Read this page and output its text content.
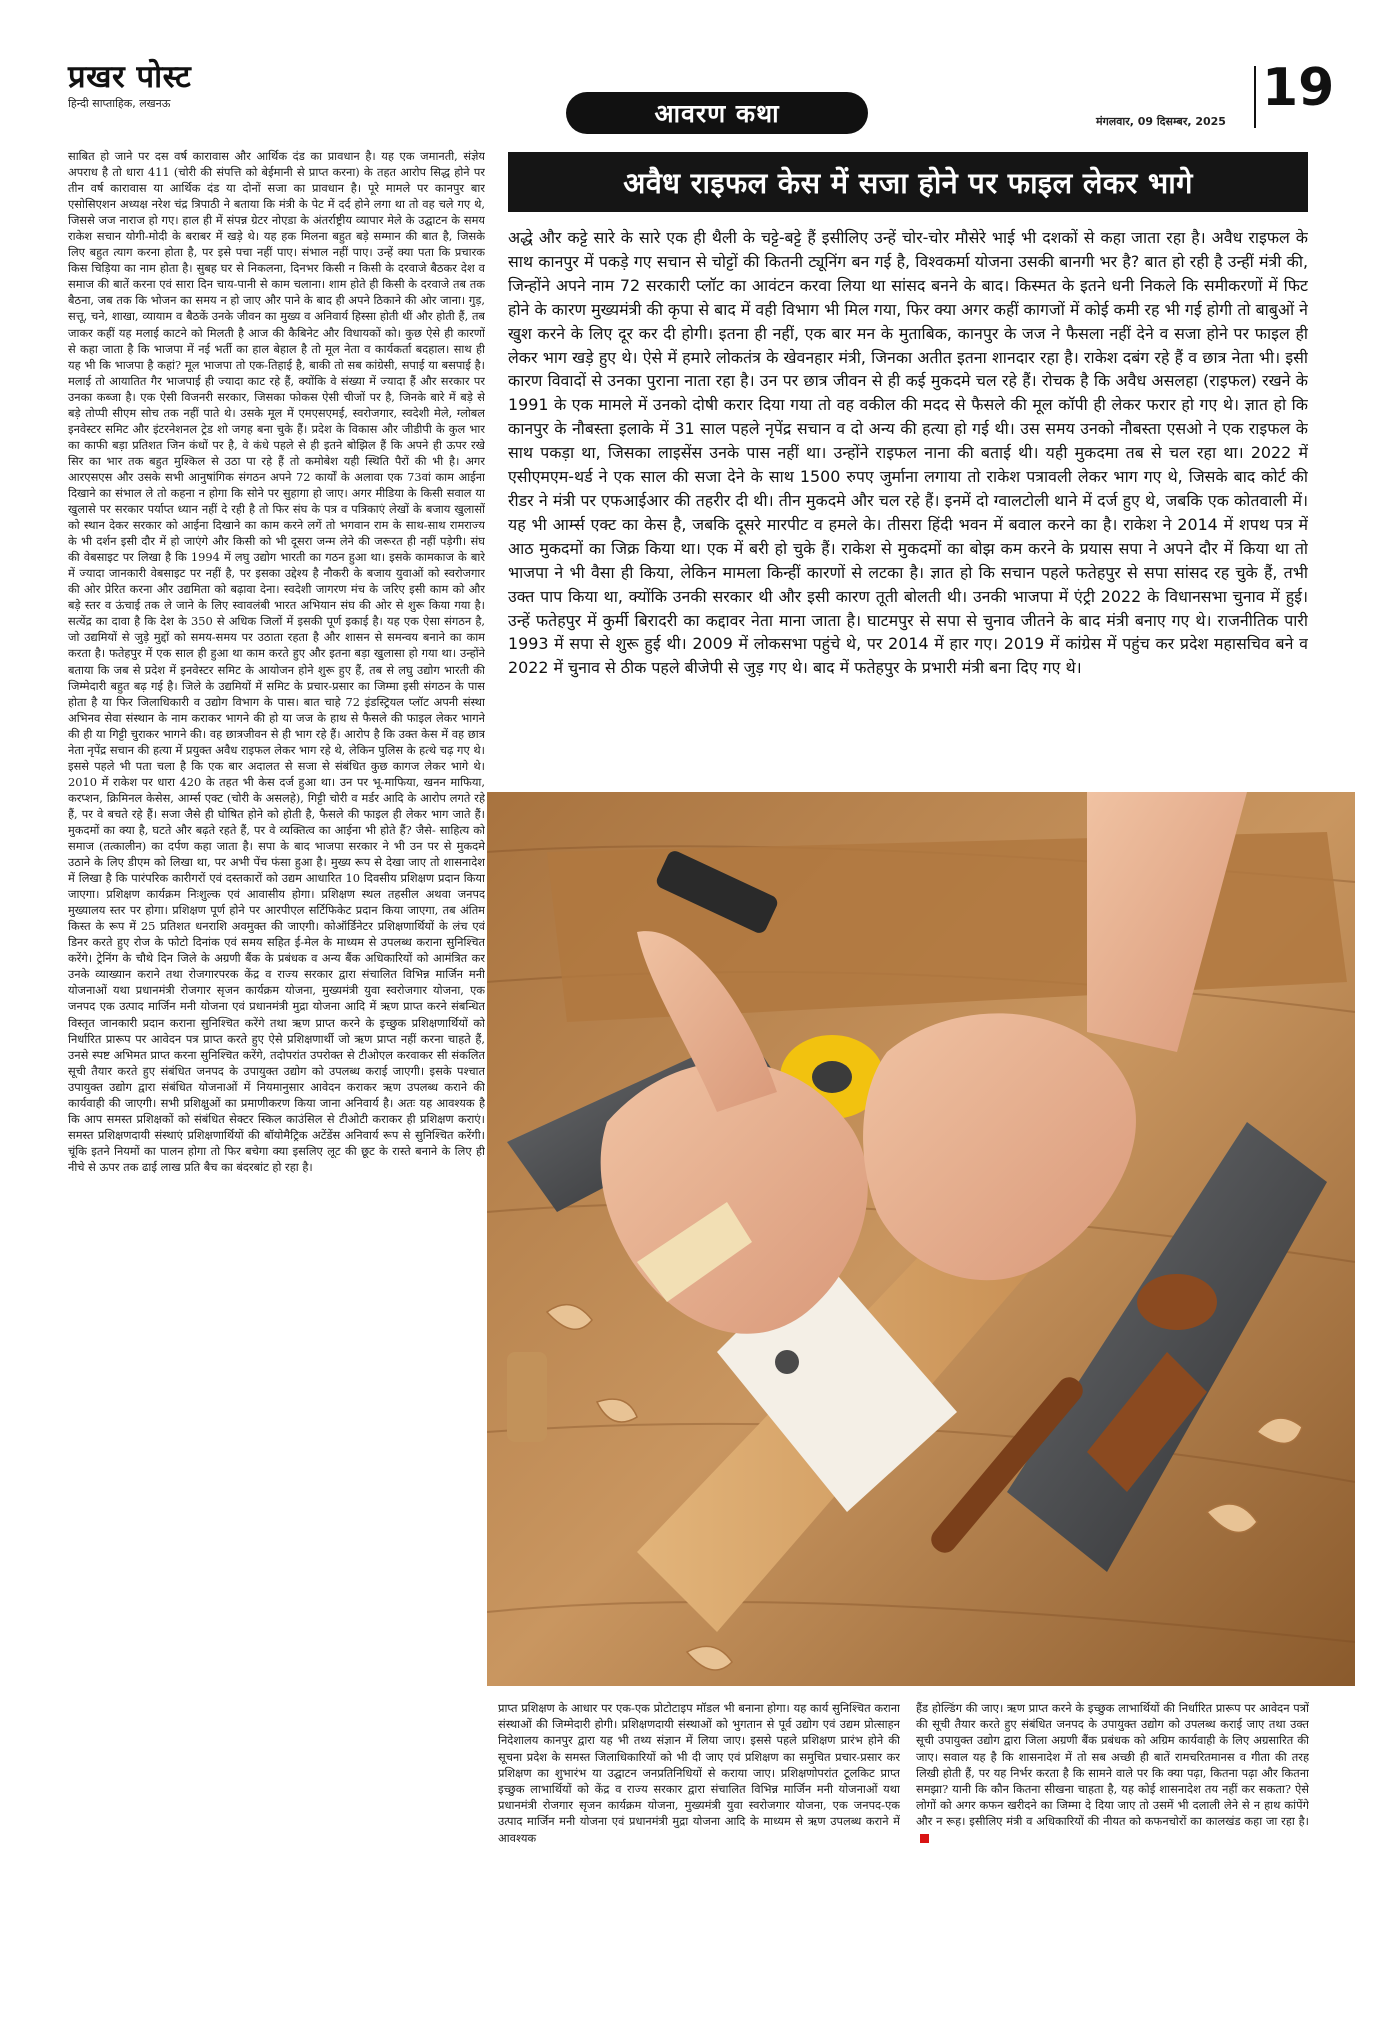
प्रखर पोस्ट
हिन्दी साप्ताहिक, लखनऊ	आवरण कथा	मंगलवार, 09 दिसम्बर, 2025
19

साबित हो जाने पर दस वर्ष कारावास और आर्थिक दंड का प्रावधान है। यह एक जमानती, संज्ञेय अपराध है तो धारा 411 (चोरी की संपत्ति को बेईमानी से प्राप्त करना) के तहत आरोप सिद्ध होने पर तीन वर्ष कारावास या आर्थिक दंड या दोनों सजा का प्रावधान है। पूरे मामले पर कानपुर बार एसोसिएशन अध्यक्ष नरेश चंद्र त्रिपाठी ने बताया कि मंत्री के पेट में दर्द होने लगा था तो वह चले गए थे, जिससे जज नाराज हो गए। हाल ही में संपन्न ग्रेटर नोएडा के अंतर्राष्ट्रीय व्यापार मेले के उद्घाटन के समय राकेश सचान योगी-मोदी के बराबर में खड़े थे। यह हक मिलना बहुत बड़े सम्मान की बात है, जिसके लिए बहुत त्याग करना होता है, पर इसे पचा नहीं पाए। संभाल नहीं पाए। उन्हें क्या पता कि प्रचारक किस चिड़िया का नाम होता है। सुबह घर से निकलना, दिनभर किसी न किसी के दरवाजे बैठकर देश व समाज की बातें करना एवं सारा दिन चाय-पानी से काम चलाना। शाम होते ही किसी के दरवाजे तब तक बैठना, जब तक कि भोजन का समय न हो जाए और पाने के बाद ही अपने ठिकाने की ओर जाना। गुड़, सत्तू, चने, शाखा, व्यायाम व बैठकें उनके जीवन का मुख्य व अनिवार्य हिस्सा होती थीं और होती हैं, तब जाकर कहीं यह मलाई काटने को मिलती है आज की कैबिनेट और विधायकों को। कुछ ऐसे ही कारणों से कहा जाता है कि भाजपा में नई भर्ती का हाल बेहाल है तो मूल नेता व कार्यकर्ता बदहाल। साथ ही यह भी कि भाजपा है कहां? मूल भाजपा तो एक-तिहाई है, बाकी तो सब कांग्रेसी, सपाई या बसपाई है। मलाई तो आयातित गैर भाजपाई ही ज्यादा काट रहे हैं, क्योंकि वे संख्या में ज्यादा हैं और सरकार पर उनका कब्जा है। एक ऐसी विजनरी सरकार, जिसका फोकस ऐसी चीजों पर है, जिनके बारे में बड़े से बड़े तोप्पी सीएम सोच तक नहीं पाते थे। उसके मूल में एमएसएमई, स्वरोजगार, स्वदेशी मेले, ग्लोबल इनवेस्टर समिट और इंटरनेशनल ट्रेड शो जगह बना चुके हैं। प्रदेश के विकास और जीडीपी के कुल भार का काफी बड़ा प्रतिशत जिन कंधों पर है, वे कंधे पहले से ही इतने बोझिल हैं कि अपने ही ऊपर रखे सिर का भार तक बहुत मुश्किल से उठा पा रहे हैं तो कमोबेश यही स्थिति पैरों की भी है। अगर आरएसएस और उसके सभी आनुषांगिक संगठन अपने 72 कार्यों के अलावा एक 73वां काम आईना दिखाने का संभाल ले तो कहना न होगा कि सोने पर सुहागा हो जाए। अगर मीडिया के किसी सवाल या खुलासे पर सरकार पर्याप्त ध्यान नहीं दे रही है तो फिर संघ के पत्र व पत्रिकाएं लेखों के बजाय खुलासों को स्थान देकर सरकार को आईना दिखाने का काम करने लगें तो भगवान राम के साथ-साथ रामराज्य के भी दर्शन इसी दौर में हो जाएंगे और किसी को भी दूसरा जन्म लेने की जरूरत ही नहीं पड़ेगी। संघ की वेबसाइट पर लिखा है कि 1994 में लघु उद्योग भारती का गठन हुआ था। इसके कामकाज के बारे में ज्यादा जानकारी वेबसाइट पर नहीं है, पर इसका उद्देश्य है नौकरी के बजाय युवाओं को स्वरोजगार की ओर प्रेरित करना और उद्यमिता को बढ़ावा देना। स्वदेशी जागरण मंच के जरिए इसी काम को और बड़े स्तर व ऊंचाई तक ले जाने के लिए स्वावलंबी भारत अभियान संघ की ओर से शुरू किया गया है। सत्येंद्र का दावा है कि देश के 350 से अधिक जिलों में इसकी पूर्ण इकाई है। यह एक ऐसा संगठन है, जो उद्यमियों से जुड़े मुद्दों को समय-समय पर उठाता रहता है और शासन से समन्वय बनाने का काम करता है। फतेहपुर में एक साल ही हुआ था काम करते हुए और इतना बड़ा खुलासा हो गया था। उन्होंने बताया कि जब से प्रदेश में इनवेस्टर समिट के आयोजन होने शुरू हुए हैं, तब से लघु उद्योग भारती की जिम्मेदारी बहुत बढ़ गई है। जिले के उद्यमियों में समिट के प्रचार-प्रसार का जिम्मा इसी संगठन के पास होता है या फिर जिलाधिकारी व उद्योग विभाग के पास। बात चाहे 72 इंडस्ट्रियल प्लॉट अपनी संस्था अभिनव सेवा संस्थान के नाम कराकर भागने की हो या जज के हाथ से फैसले की फाइल लेकर भागने की ही या गिट्टी चुराकर भागने की। वह छात्रजीवन से ही भाग रहे हैं। आरोप है कि उक्त केस में वह छात्र नेता नृपेंद्र सचान की हत्या में प्रयुक्त अवैध राइफल लेकर भाग रहे थे, लेकिन पुलिस के हत्थे चढ़ गए थे। इससे पहले भी पता चला है कि एक बार अदालत से सजा से संबंधित कुछ कागज लेकर भागे थे। 2010 में राकेश पर धारा 420 के तहत भी केस दर्ज हुआ था। उन पर भू-माफिया, खनन माफिया, करप्शन, क्रिमिनल केसेस, आर्म्स एक्ट (चोरी के असलहे), गिट्टी चोरी व मर्डर आदि के आरोप लगते रहे हैं, पर वे बचते रहे हैं। सजा जैसे ही घोषित होने को होती है, फैसले की फाइल ही लेकर भाग जाते हैं। मुकदमों का क्या है, घटते और बढ़ते रहते हैं, पर वे व्यक्तित्व का आईना भी होते हैं? जैसे- साहित्य को समाज (तत्कालीन) का दर्पण कहा जाता है। सपा के बाद भाजपा सरकार ने भी उन पर से मुकदमे उठाने के लिए डीएम को लिखा था, पर अभी पेंच फंसा हुआ है। मुख्य रूप से देखा जाए तो शासनादेश में लिखा है कि पारंपरिक कारीगरों एवं दस्तकारों को उद्यम आधारित 10 दिवसीय प्रशिक्षण प्रदान किया जाएगा। प्रशिक्षण कार्यक्रम निःशुल्क एवं आवासीय होगा। प्रशिक्षण स्थल तहसील अथवा जनपद मुख्यालय स्तर पर होगा। प्रशिक्षण पूर्ण होने पर आरपीएल सर्टिफिकेट प्रदान किया जाएगा, तब अंतिम किस्त के रूप में 25 प्रतिशत धनराशि अवमुक्त की जाएगी। कोऑर्डिनेटर प्रशिक्षणार्थियों के लंच एवं डिनर करते हुए रोज के फोटो दिनांक एवं समय सहित ई-मेल के माध्यम से उपलब्ध कराना सुनिश्चित करेंगे। ट्रेनिंग के चौथे दिन जिले के अग्रणी बैंक के प्रबंधक व अन्य बैंक अधिकारियों को आमंत्रित कर उनके व्याख्यान कराने तथा रोजगारपरक केंद्र व राज्य सरकार द्वारा संचालित विभिन्न मार्जिन मनी योजनाओं यथा प्रधानमंत्री रोजगार सृजन कार्यक्रम योजना, मुख्यमंत्री युवा स्वरोजगार योजना, एक जनपद एक उत्पाद मार्जिन मनी योजना एवं प्रधानमंत्री मुद्रा योजना आदि में ऋण प्राप्त करने संबन्धित विस्तृत जानकारी प्रदान कराना सुनिश्चित करेंगे तथा ऋण प्राप्त करने के इच्छुक प्रशिक्षणार्थियों को निर्धारित प्रारूप पर आवेदन पत्र प्राप्त करते हुए ऐसे प्रशिक्षणार्थी जो ऋण प्राप्त नहीं करना चाहते हैं, उनसे स्पष्ट अभिमत प्राप्त करना सुनिश्चित करेंगे, तदोपरांत उपरोक्त से टीओएल करवाकर सी संकलित सूची तैयार करते हुए संबंधित जनपद के उपायुक्त उद्योग को उपलब्ध कराई जाएगी। इसके पश्चात उपायुक्त उद्योग द्वारा संबंधित योजनाओं में नियमानुसार आवेदन कराकर ऋण उपलब्ध कराने की कार्यवाही की जाएगी। सभी प्रशिक्षुओं का प्रमाणीकरण किया जाना अनिवार्य है। अतः यह आवश्यक है कि आप समस्त प्रशिक्षकों को संबंधित सेक्टर स्किल काउंसिल से टीओटी कराकर ही प्रशिक्षण कराएं। समस्त प्रशिक्षणदायी संस्थाएं प्रशिक्षणार्थियों की बॉयोमैट्रिक अटेंडेंस अनिवार्य रूप से सुनिश्चित करेंगी। चूंकि इतने नियमों का पालन होगा तो फिर बचेगा क्या इसलिए लूट की छूट के रास्ते बनाने के लिए ही नीचे से ऊपर तक ढाई लाख प्रति बैच का बंदरबांट हो रहा है।

अवैध राइफल केस में सजा होने पर फाइल लेकर भागे

अद्धे और कट्टे सारे के सारे एक ही थैली के चट्टे-बट्टे हैं इसीलिए उन्हें चोर-चोर मौसेरे भाई भी दशकों से कहा जाता रहा है। अवैध राइफल के साथ कानपुर में पकड़े गए सचान से चोट्टों की कितनी ट्यूनिंग बन गई है, विश्वकर्मा योजना उसकी बानगी भर है? बात हो रही है उन्हीं मंत्री की, जिन्होंने अपने नाम 72 सरकारी प्लॉट का आवंटन करवा लिया था सांसद बनने के बाद। किस्मत के इतने धनी निकले कि समीकरणों में फिट होने के कारण मुख्यमंत्री की कृपा से बाद में वही विभाग भी मिल गया, फिर क्या अगर कहीं कागजों में कोई कमी रह भी गई होगी तो बाबुओं ने खुश करने के लिए दूर कर दी होगी। इतना ही नहीं, एक बार मन के मुताबिक, कानपुर के जज ने फैसला नहीं देने व सजा होने पर फाइल ही लेकर भाग खड़े हुए थे। ऐसे में हमारे लोकतंत्र के खेवनहार मंत्री, जिनका अतीत इतना शानदार रहा है। राकेश दबंग रहे हैं व छात्र नेता भी। इसी कारण विवादों से उनका पुराना नाता रहा है। उन पर छात्र जीवन से ही कई मुकदमे चल रहे हैं। रोचक है कि अवैध असलहा (राइफल) रखने के 1991 के एक मामले में उनको दोषी करार दिया गया तो वह वकील की मदद से फैसले की मूल कॉपी ही लेकर फरार हो गए थे। ज्ञात हो कि कानपुर के नौबस्ता इलाके में 31 साल पहले नृपेंद्र सचान व दो अन्य की हत्या हो गई थी। उस समय उनको नौबस्ता एसओ ने एक राइफल के साथ पकड़ा था, जिसका लाइसेंस उनके पास नहीं था। उन्होंने राइफल नाना की बताई थी। यही मुकदमा तब से चल रहा था। 2022 में एसीएमएम-थर्ड ने एक साल की सजा देने के साथ 1500 रुपए जुर्माना लगाया तो राकेश पत्रावली लेकर भाग गए थे, जिसके बाद कोर्ट की रीडर ने मंत्री पर एफआईआर की तहरीर दी थी। तीन मुकदमे और चल रहे हैं। इनमें दो ग्वालटोली थाने में दर्ज हुए थे, जबकि एक कोतवाली में। यह भी आर्म्स एक्ट का केस है, जबकि दूसरे मारपीट व हमले के। तीसरा हिंदी भवन में बवाल करने का है। राकेश ने 2014 में शपथ पत्र में आठ मुकदमों का जिक्र किया था। एक में बरी हो चुके हैं। राकेश से मुकदमों का बोझ कम करने के प्रयास सपा ने अपने दौर में किया था तो भाजपा ने भी वैसा ही किया, लेकिन मामला किन्हीं कारणों से लटका है। ज्ञात हो कि सचान पहले फतेहपुर से सपा सांसद रह चुके हैं, तभी उक्त पाप किया था, क्योंकि उनकी सरकार थी और इसी कारण तूती बोलती थी। उनकी भाजपा में एंट्री 2022 के विधानसभा चुनाव में हुई। उन्हें फतेहपुर में कुर्मी बिरादरी का कद्दावर नेता माना जाता है। घाटमपुर से सपा से चुनाव जीतने के बाद मंत्री बनाए गए थे। राजनीतिक पारी 1993 में सपा से शुरू हुई थी। 2009 में लोकसभा पहुंचे थे, पर 2014 में हार गए। 2019 में कांग्रेस में पहुंच कर प्रदेश महासचिव बने व 2022 में चुनाव से ठीक पहले बीजेपी से जुड़ गए थे। बाद में फतेहपुर के प्रभारी मंत्री बना दिए गए थे।

प्राप्त प्रशिक्षण के आधार पर एक-एक प्रोटोटाइप मॉडल भी बनाना होगा। यह कार्य सुनिश्चित कराना संस्थाओं की जिम्मेदारी होगी। प्रशिक्षणदायी संस्थाओं को भुगतान से पूर्व उद्योग एवं उद्यम प्रोत्साहन निदेशालय कानपुर द्वारा यह भी तथ्य संज्ञान में लिया जाए। इससे पहले प्रशिक्षण प्रारंभ होने की सूचना प्रदेश के समस्त जिलाधिकारियों को भी दी जाए एवं प्रशिक्षण का समुचित प्रचार-प्रसार कर प्रशिक्षण का शुभारंभ या उद्घाटन जनप्रतिनिधियों से कराया जाए। प्रशिक्षणोपरांत टूलकिट प्राप्त इच्छुक लाभार्थियों को केंद्र व राज्य सरकार द्वारा संचालित विभिन्न मार्जिन मनी योजनाओं यथा प्रधानमंत्री रोजगार सृजन कार्यक्रम योजना, मुख्यमंत्री युवा स्वरोजगार योजना, एक जनपद-एक उत्पाद मार्जिन मनी योजना एवं प्रधानमंत्री मुद्रा योजना आदि के माध्यम से ऋण उपलब्ध कराने में आवश्यक

हैंड होल्डिंग की जाए। ऋण प्राप्त करने के इच्छुक लाभार्थियों की निर्धारित प्रारूप पर आवेदन पत्रों की सूची तैयार करते हुए संबंधित जनपद के उपायुक्त उद्योग को उपलब्ध कराई जाए तथा उक्त सूची उपायुक्त उद्योग द्वारा जिला अग्रणी बैंक प्रबंधक को अग्रिम कार्यवाही के लिए अग्रसारित की जाए। सवाल यह है कि शासनादेश में तो सब अच्छी ही बातें रामचरितमानस व गीता की तरह लिखी होती हैं, पर यह निर्भर करता है कि सामने वाले पर कि क्या पढ़ा, कितना पढ़ा और कितना समझा? यानी कि कौन कितना सीखना चाहता है, यह कोई शासनादेश तय नहीं कर सकता? ऐसे लोगों को अगर कफन खरीदने का जिम्मा दे दिया जाए तो उसमें भी दलाली लेने से न हाथ कांपेंगे और न रूह। इसीलिए मंत्री व अधिकारियों की नीयत को कफनचोरों का कालखंड कहा जा रहा है।
